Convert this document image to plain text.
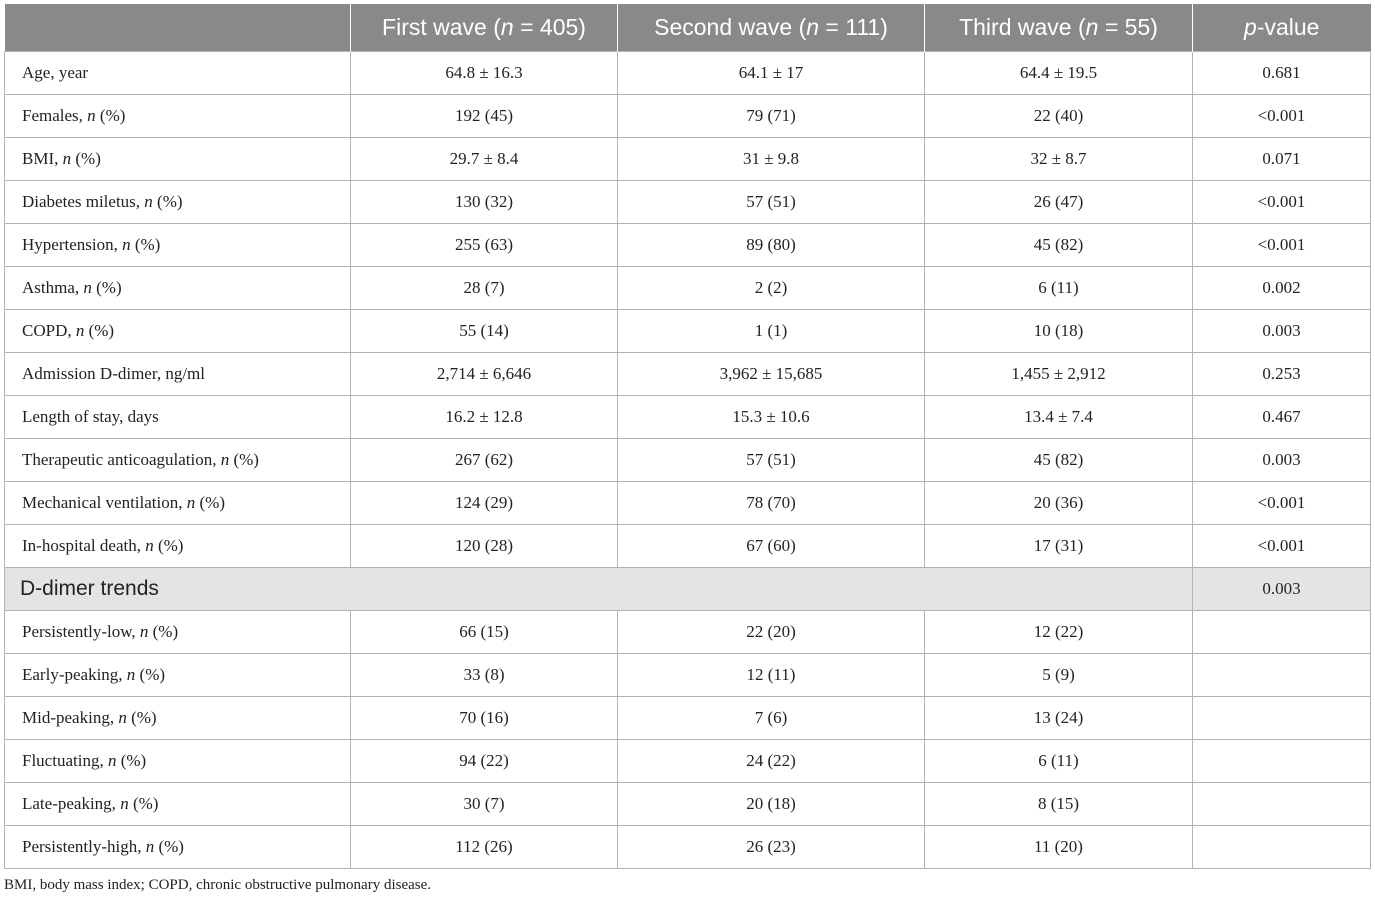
	First wave (n = 405)	Second wave (n = 111)	Third wave (n = 55)	p-value
Age, year	64.8 ± 16.3	64.1 ± 17	64.4 ± 19.5	0.681
Females, n (%)	192 (45)	79 (71)	22 (40)	<0.001
BMI, n (%)	29.7 ± 8.4	31 ± 9.8	32 ± 8.7	0.071
Diabetes miletus, n (%)	130 (32)	57 (51)	26 (47)	<0.001
Hypertension, n (%)	255 (63)	89 (80)	45 (82)	<0.001
Asthma, n (%)	28 (7)	2 (2)	6 (11)	0.002
COPD, n (%)	55 (14)	1 (1)	10 (18)	0.003
Admission D-dimer, ng/ml	2,714 ± 6,646	3,962 ± 15,685	1,455 ± 2,912	0.253
Length of stay, days	16.2 ± 12.8	15.3 ± 10.6	13.4 ± 7.4	0.467
Therapeutic anticoagulation, n (%)	267 (62)	57 (51)	45 (82)	0.003
Mechanical ventilation, n (%)	124 (29)	78 (70)	20 (36)	<0.001
In-hospital death, n (%)	120 (28)	67 (60)	17 (31)	<0.001
D-dimer trends				0.003
Persistently-low, n (%)	66 (15)	22 (20)	12 (22)	
Early-peaking, n (%)	33 (8)	12 (11)	5 (9)	
Mid-peaking, n (%)	70 (16)	7 (6)	13 (24)	
Fluctuating, n (%)	94 (22)	24 (22)	6 (11)	
Late-peaking, n (%)	30 (7)	20 (18)	8 (15)	
Persistently-high, n (%)	112 (26)	26 (23)	11 (20)	
BMI, body mass index; COPD, chronic obstructive pulmonary disease.
